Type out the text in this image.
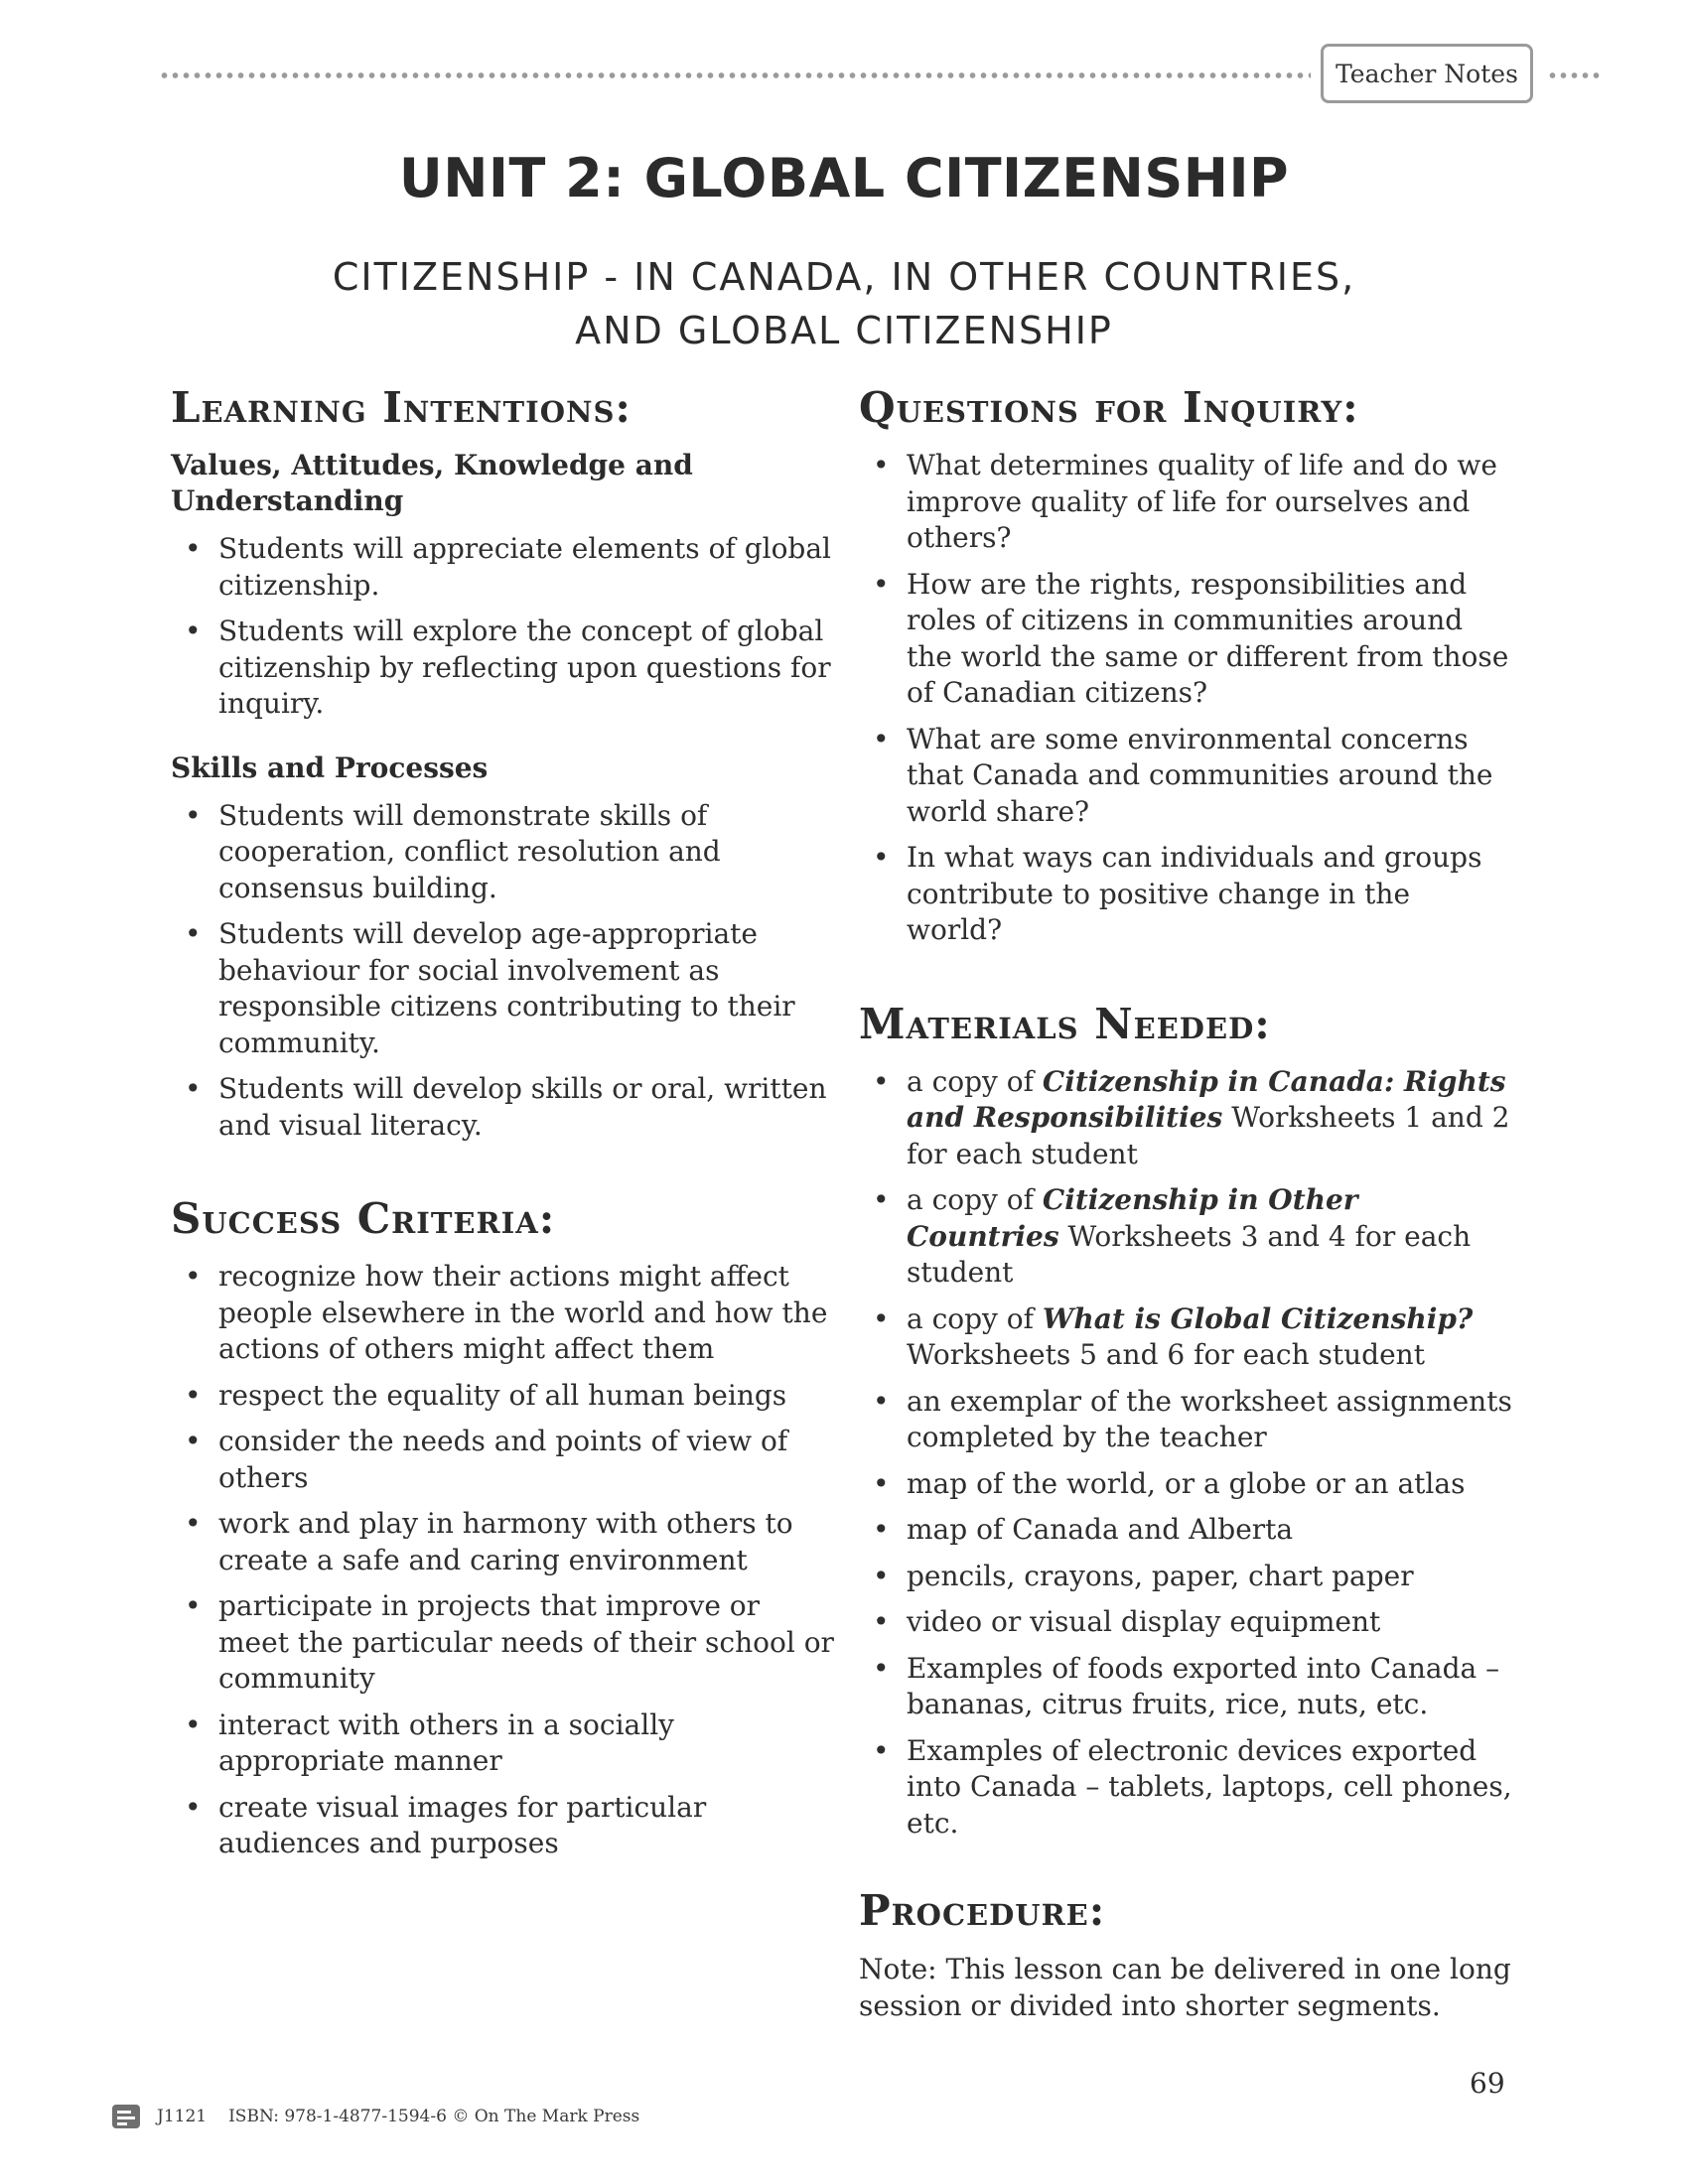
Teacher Notes
UNIT 2: GLOBAL CITIZENSHIP
CITIZENSHIP - IN CANADA, IN OTHER COUNTRIES,
AND GLOBAL CITIZENSHIP
Learning Intentions:
Values, Attitudes, Knowledge and Understanding
• Students will appreciate elements of global citizenship.
• Students will explore the concept of global citizenship by reflecting upon questions for inquiry.
Skills and Processes
• Students will demonstrate skills of cooperation, conflict resolution and consensus building.
• Students will develop age-appropriate behaviour for social involvement as responsible citizens contributing to their community.
• Students will develop skills or oral, written and visual literacy.
Success Criteria:
• recognize how their actions might affect people elsewhere in the world and how the actions of others might affect them
• respect the equality of all human beings
• consider the needs and points of view of others
• work and play in harmony with others to create a safe and caring environment
• participate in projects that improve or meet the particular needs of their school or community
• interact with others in a socially appropriate manner
• create visual images for particular audiences and purposes
Questions for Inquiry:
• What determines quality of life and do we improve quality of life for ourselves and others?
• How are the rights, responsibilities and roles of citizens in communities around the world the same or different from those of Canadian citizens?
• What are some environmental concerns that Canada and communities around the world share?
• In what ways can individuals and groups contribute to positive change in the world?
Materials Needed:
• a copy of Citizenship in Canada: Rights and Responsibilities Worksheets 1 and 2 for each student
• a copy of Citizenship in Other Countries Worksheets 3 and 4 for each student
• a copy of What is Global Citizenship? Worksheets 5 and 6 for each student
• an exemplar of the worksheet assignments completed by the teacher
• map of the world, or a globe or an atlas
• map of Canada and Alberta
• pencils, crayons, paper, chart paper
• video or visual display equipment
• Examples of foods exported into Canada – bananas, citrus fruits, rice, nuts, etc.
• Examples of electronic devices exported into Canada – tablets, laptops, cell phones, etc.
Procedure:
Note: This lesson can be delivered in one long session or divided into shorter segments.
69
J1121 ISBN: 978-1-4877-1594-6 © On The Mark Press
